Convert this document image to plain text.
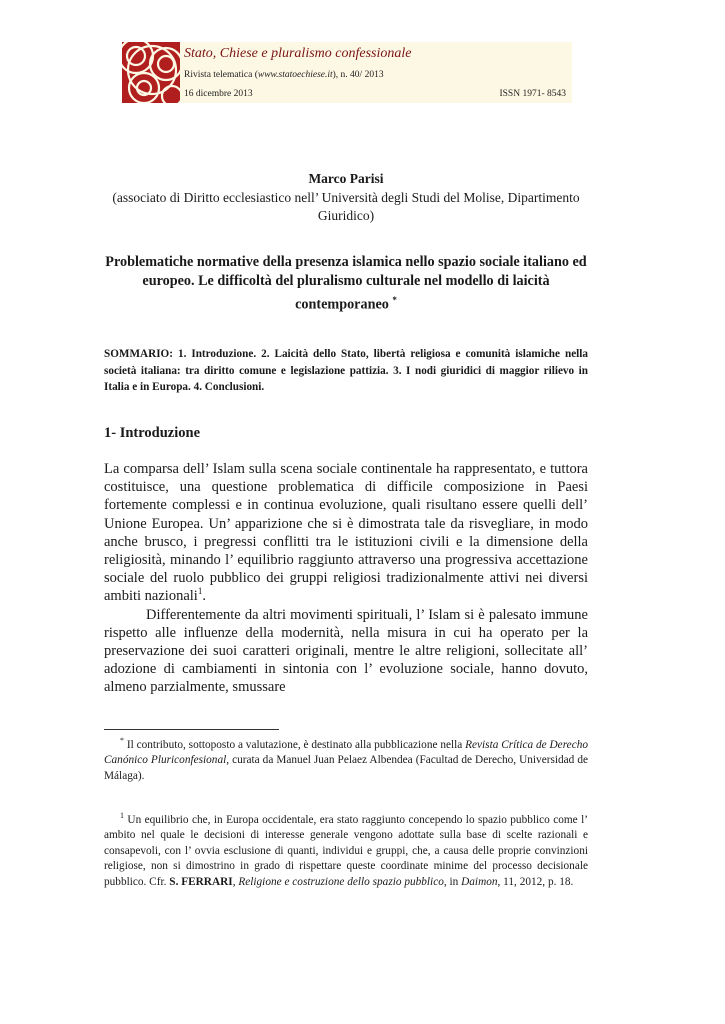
Stato, Chiese e pluralismo confessionale
Rivista telematica (www.statoechiese.it), n. 40/ 2013
16 dicembre 2013	ISSN 1971- 8543
Marco Parisi
(associato di Diritto ecclesiastico nell’ Università degli Studi del Molise, Dipartimento Giuridico)
Problematiche normative della presenza islamica nello spazio sociale italiano ed europeo. Le difficoltà del pluralismo culturale nel modello di laicità contemporaneo *
SOMMARIO: 1. Introduzione. 2. Laicità dello Stato, libertà religiosa e comunità islamiche nella società italiana: tra diritto comune e legislazione pattizia. 3. I nodi giuridici di maggior rilievo in Italia e in Europa. 4. Conclusioni.
1- Introduzione

La comparsa dell’ Islam sulla scena sociale continentale ha rappresentato, e tuttora costituisce, una questione problematica di difficile composizione in Paesi fortemente complessi e in continua evoluzione, quali risultano essere quelli dell’ Unione Europea. Un’ apparizione che si è dimostrata tale da risvegliare, in modo anche brusco, i pregressi conflitti tra le istituzioni civili e la dimensione della religiosità, minando l’ equilibrio raggiunto attraverso una progressiva accettazione sociale del ruolo pubblico dei gruppi religiosi tradizionalmente attivi nei diversi ambiti nazionali$^1$.

Differentemente da altri movimenti spirituali, l’ Islam si è palesato immune rispetto alle influenze della modernità, nella misura in cui ha operato per la preservazione dei suoi caratteri originali, mentre le altre religioni, sollecitate all’ adozione di cambiamenti in sintonia con l’ evoluzione sociale, hanno dovuto, almeno parzialmente, smussare

* Il contributo, sottoposto a valutazione, è destinato alla pubblicazione nella Revista Crítica de Derecho Canónico Pluriconfesional, curata da Manuel Juan Pelaez Albendea (Facultad de Derecho, Universidad de Málaga).
$^1$ Un equilibrio che, in Europa occidentale, era stato raggiunto concependo lo spazio pubblico come l’ ambito nel quale le decisioni di interesse generale vengono adottate sulla base di scelte razionali e consapevoli, con l’ ovvia esclusione di quanti, individui e gruppi, che, a causa delle proprie convinzioni religiose, non si dimostrino in grado di rispettare queste coordinate minime del processo decisionale pubblico. Cfr. S. FERRARI, Religione e costruzione dello spazio pubblico, in Daimon, 11, 2012, p. 18.
